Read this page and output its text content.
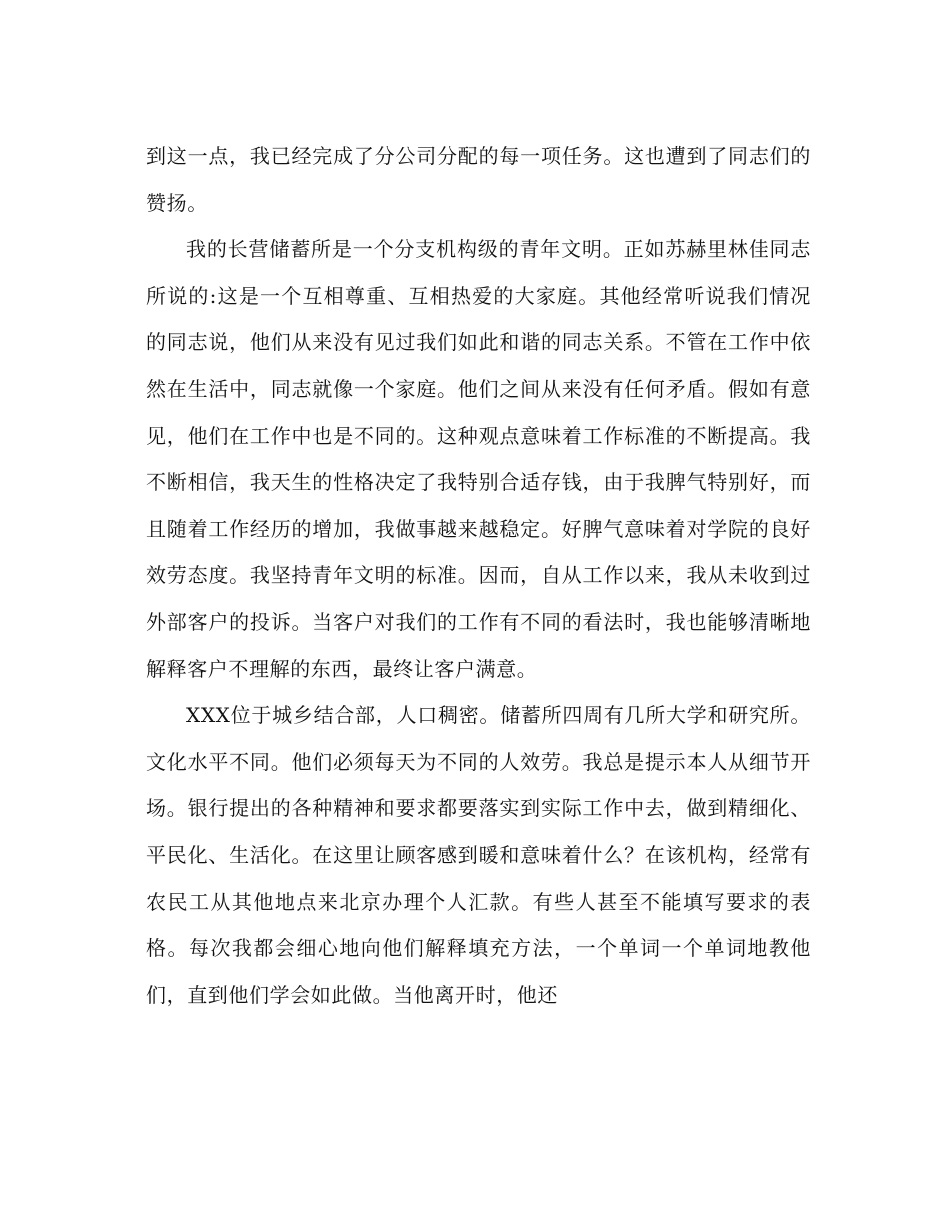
到这一点，我已经完成了分公司分配的每一项任务。这也遭到了同志们的赞扬。

我的长营储蓄所是一个分支机构级的青年文明。正如苏赫里林佳同志所说的:这是一个互相尊重、互相热爱的大家庭。其他经常听说我们情况的同志说，他们从来没有见过我们如此和谐的同志关系。不管在工作中依然在生活中，同志就像一个家庭。他们之间从来没有任何矛盾。假如有意见，他们在工作中也是不同的。这种观点意味着工作标准的不断提高。我不断相信，我天生的性格决定了我特别合适存钱，由于我脾气特别好，而且随着工作经历的增加，我做事越来越稳定。好脾气意味着对学院的良好效劳态度。我坚持青年文明的标准。因而，自从工作以来，我从未收到过外部客户的投诉。当客户对我们的工作有不同的看法时，我也能够清晰地解释客户不理解的东西，最终让客户满意。

XXX位于城乡结合部，人口稠密。储蓄所四周有几所大学和研究所。文化水平不同。他们必须每天为不同的人效劳。我总是提示本人从细节开场。银行提出的各种精神和要求都要落实到实际工作中去，做到精细化、平民化、生活化。在这里让顾客感到暖和意味着什么？在该机构，经常有农民工从其他地点来北京办理个人汇款。有些人甚至不能填写要求的表格。每次我都会细心地向他们解释填充方法，一个单词一个单词地教他们，直到他们学会如此做。当他离开时，他还
